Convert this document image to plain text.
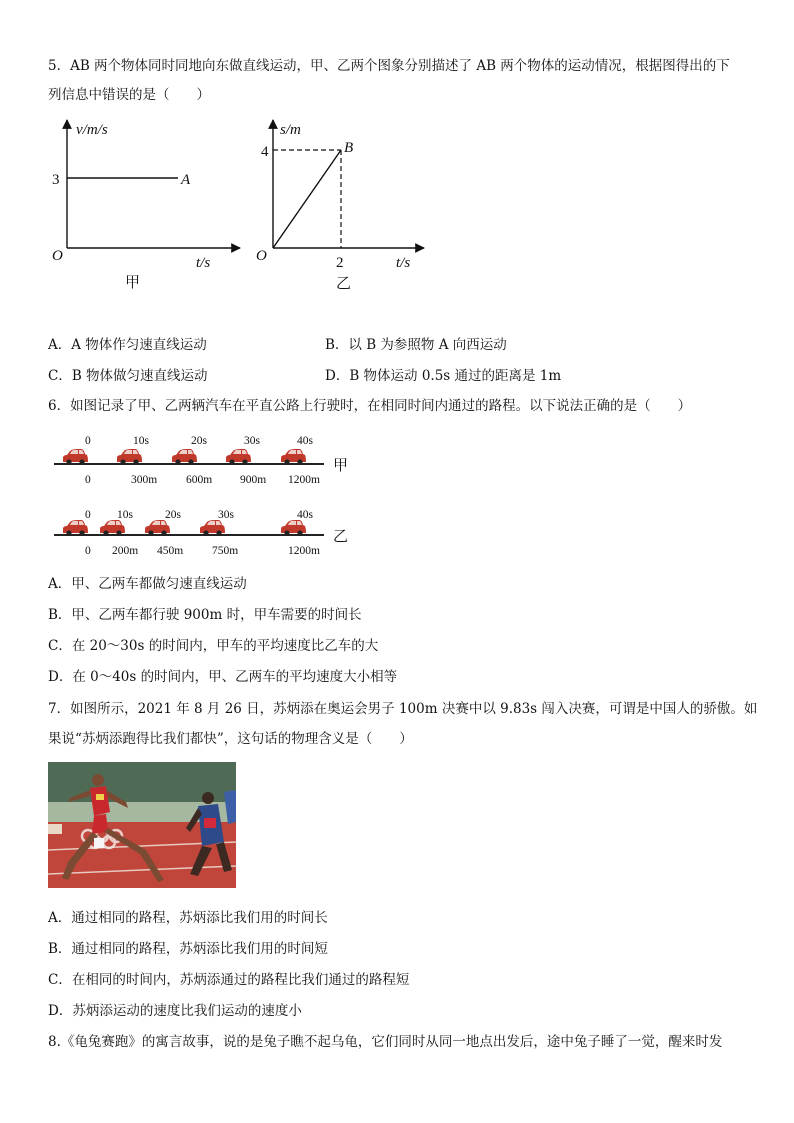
5．AB 两个物体同时同地向东做直线运动，甲、乙两个图象分别描述了 AB 两个物体的运动情况，根据图得出的下
列信息中错误的是（　　）
v/m/s
3	A
O	t/s
甲
s/m
4	B
O	2	t/s
乙
A．A 物体作匀速直线运动	B．以 B 为参照物 A 向西运动
C．B 物体做匀速直线运动	D．B 物体运动 0.5s 通过的距离是 1m
6．如图记录了甲、乙两辆汽车在平直公路上行驶时，在相同时间内通过的路程。以下说法正确的是（　　）
0	10s	20s	30s	40s
甲
0	300m	600m 900m 1200m
0 10s	20s	30s	40s
乙
0 200m 450m	750m	1200m
A．甲、乙两车都做匀速直线运动
B．甲、乙两车都行驶 900m 时，甲车需要的时间长
C．在 20～30s 的时间内，甲车的平均速度比乙车的大
D．在 0～40s 的时间内，甲、乙两车的平均速度大小相等
7．如图所示，2021 年 8 月 26 日，苏炳添在奥运会男子 100m 决赛中以 9.83s 闯入决赛，可谓是中国人的骄傲。如
果说“苏炳添跑得比我们都快”，这句话的物理含义是（　　）
A．通过相同的路程，苏炳添比我们用的时间长
B．通过相同的路程，苏炳添比我们用的时间短
C．在相同的时间内，苏炳添通过的路程比我们通过的路程短
D．苏炳添运动的速度比我们运动的速度小
8.《龟兔赛跑》的寓言故事，说的是兔子瞧不起乌龟，它们同时从同一地点出发后，途中兔子睡了一觉，醒来时发
